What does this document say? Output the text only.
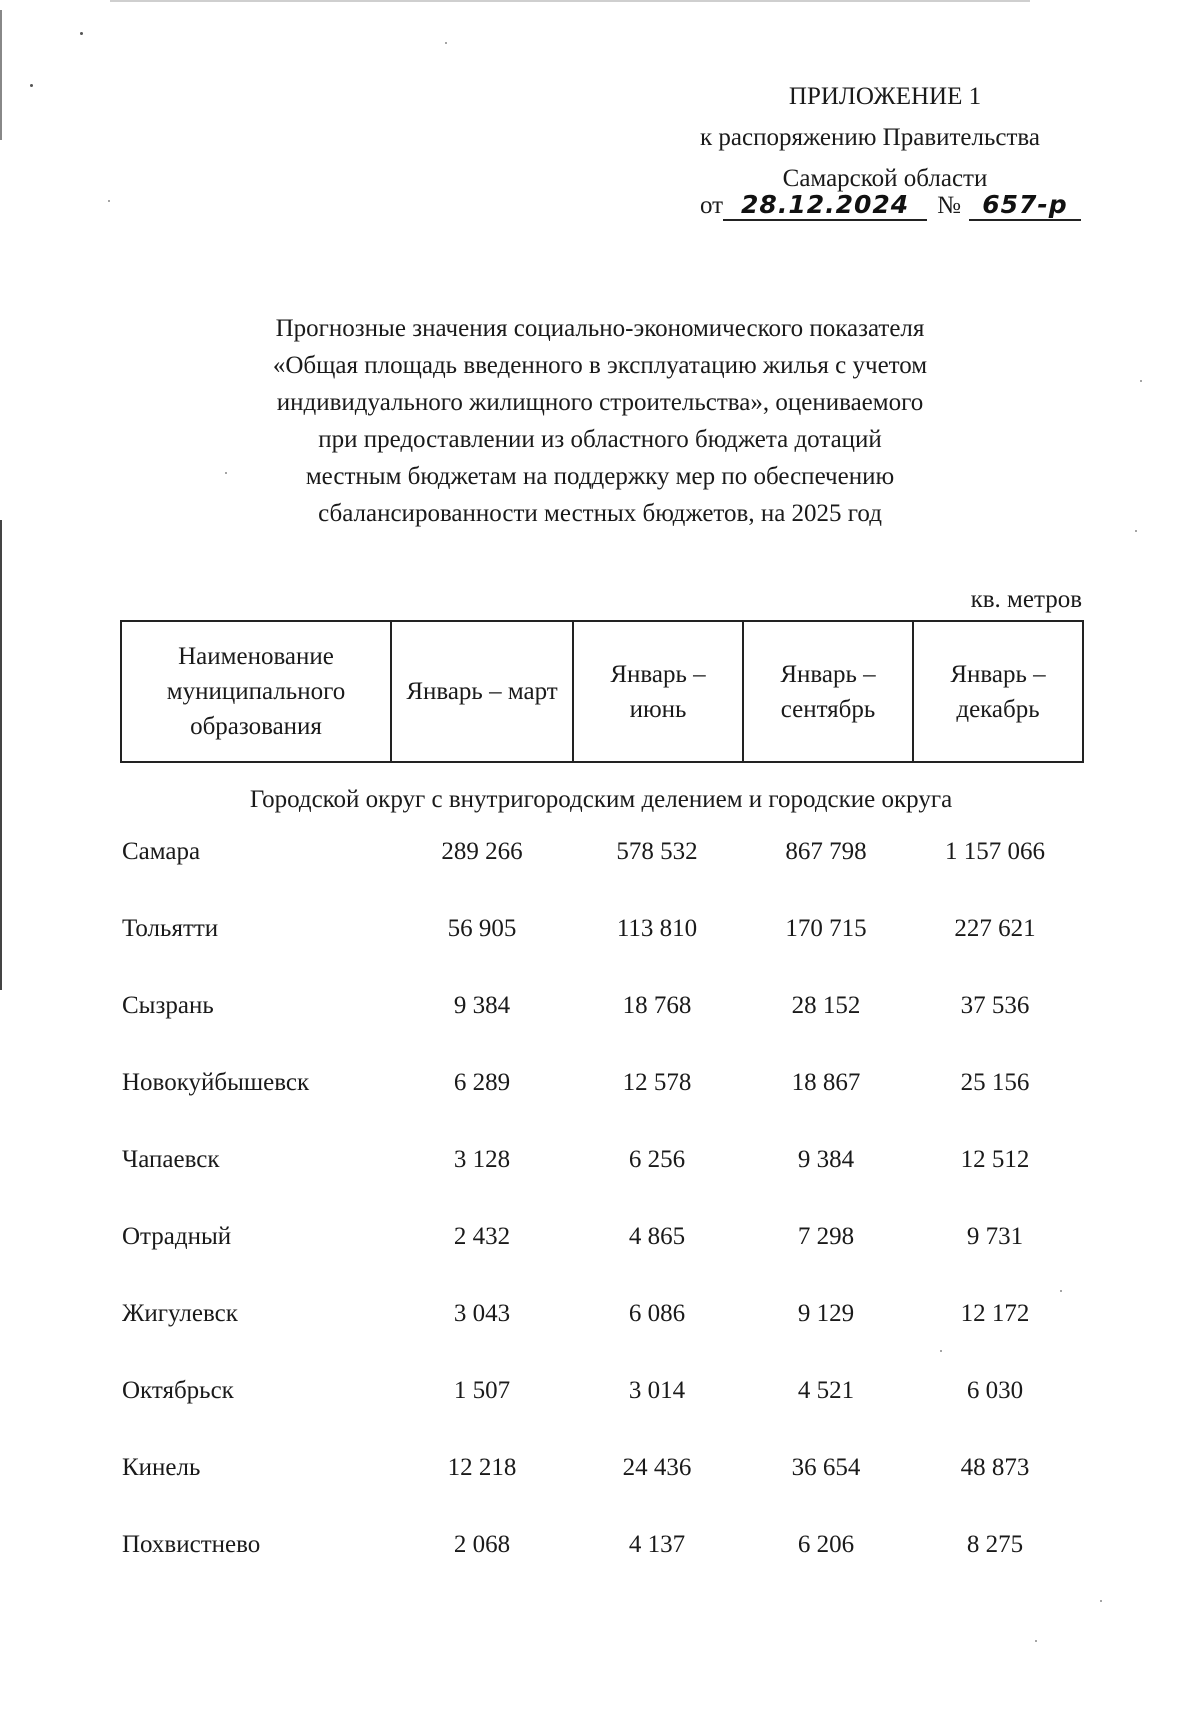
ПРИЛОЖЕНИЕ 1
к распоряжению Правительства
Самарской области
от 28.12.2024 № 657-р
Прогнозные значения социально-экономического показателя
«Общая площадь введенного в эксплуатацию жилья с учетом
индивидуального жилищного строительства», оцениваемого
при предоставлении из областного бюджета дотаций
местным бюджетам на поддержку мер по обеспечению
сбалансированности местных бюджетов, на 2025 год
кв. метров
Наименование муниципального образования	Январь – март	Январь – июнь	Январь – сентябрь	Январь – декабрь
Городской округ с внутригородским делением и городские округа
Самара	289 266	578 532	867 798	1 157 066
Тольятти	56 905	113 810	170 715	227 621
Сызрань	9 384	18 768	28 152	37 536
Новокуйбышевск	6 289	12 578	18 867	25 156
Чапаевск	3 128	6 256	9 384	12 512
Отрадный	2 432	4 865	7 298	9 731
Жигулевск	3 043	6 086	9 129	12 172
Октябрьск	1 507	3 014	4 521	6 030
Кинель	12 218	24 436	36 654	48 873
Похвистнево	2 068	4 137	6 206	8 275
